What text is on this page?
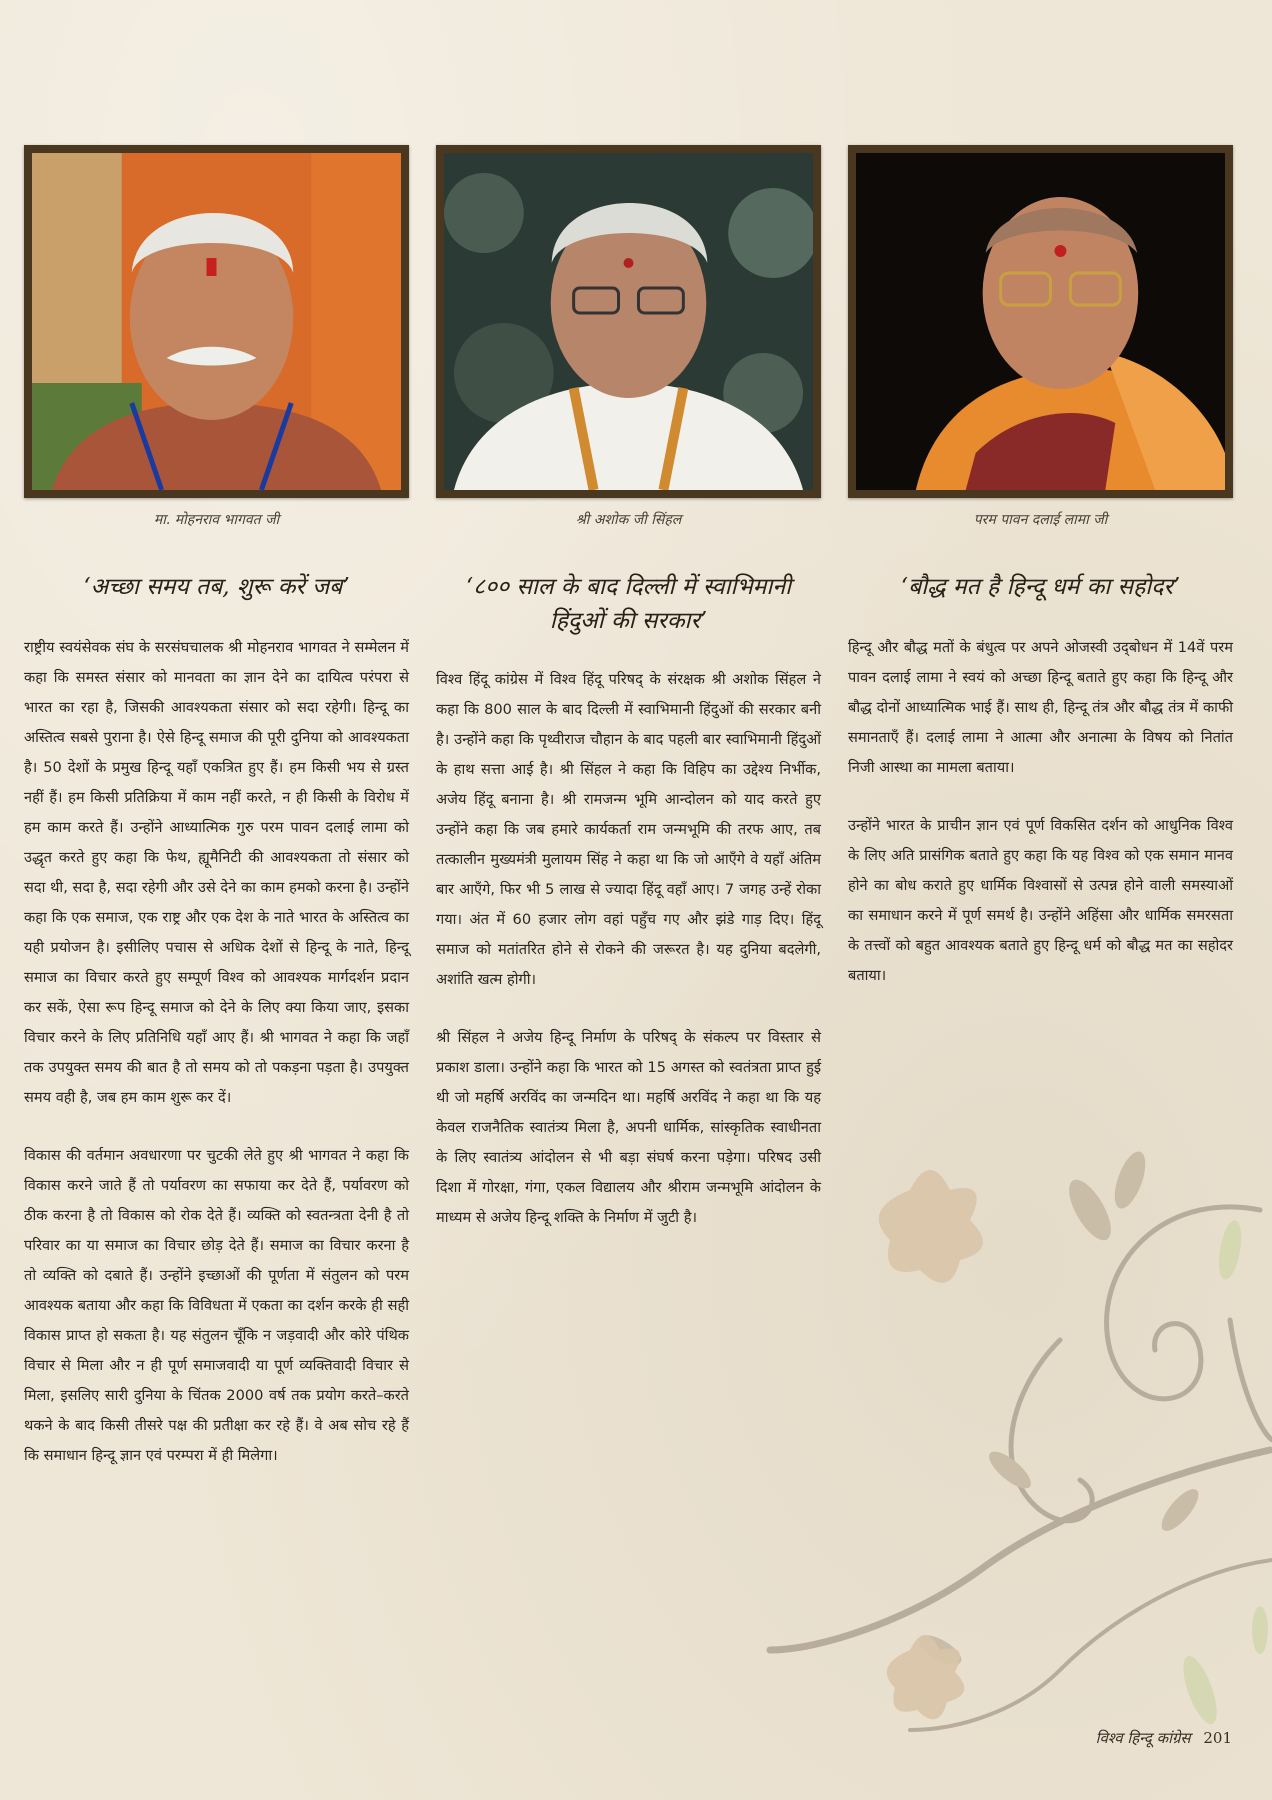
मा. मोहनराव भागवत जी	श्री अशोक जी सिंहल	परम पावन दलाई लामा जी
‘अच्छा समय तब, शुरू करें जब’	‘८०० साल के बाद दिल्ली में स्वाभिमानी हिंदुओं की सरकार’
‘बौद्ध मत है हिन्दू धर्म का सहोदर’

राष्ट्रीय स्वयंसेवक संघ के सरसंघचालक श्री मोहनराव भागवत ने सम्मेलन में कहा कि समस्त संसार को मानवता का ज्ञान देने का दायित्व परंपरा से भारत का रहा है, जिसकी आवश्यकता संसार को सदा रहेगी। हिन्दू का अस्तित्व सबसे पुराना है। ऐसे हिन्दू समाज की पूरी दुनिया को आवश्यकता है। 50 देशों के प्रमुख हिन्दू यहाँ एकत्रित हुए हैं। हम किसी भय से ग्रस्त नहीं हैं। हम किसी प्रतिक्रिया में काम नहीं करते, न ही किसी के विरोध में हम काम करते हैं। उन्होंने आध्यात्मिक गुरु परम पावन दलाई लामा को उद्धृत करते हुए कहा कि फेथ, ह्यूमैनिटी की आवश्यकता तो संसार को सदा थी, सदा है, सदा रहेगी और उसे देने का काम हमको करना है। उन्होंने कहा कि एक समाज, एक राष्ट्र और एक देश के नाते भारत के अस्तित्व का यही प्रयोजन है। इसीलिए पचास से अधिक देशों से हिन्दू के नाते, हिन्दू समाज का विचार करते हुए सम्पूर्ण विश्व को आवश्यक मार्गदर्शन प्रदान कर सकें, ऐसा रूप हिन्दू समाज को देने के लिए क्या किया जाए, इसका विचार करने के लिए प्रतिनिधि यहाँ आए हैं। श्री भागवत ने कहा कि जहाँ तक उपयुक्त समय की बात है तो समय को तो पकड़ना पड़ता है। उपयुक्त समय वही है, जब हम काम शुरू कर दें।

विकास की वर्तमान अवधारणा पर चुटकी लेते हुए श्री भागवत ने कहा कि विकास करने जाते हैं तो पर्यावरण का सफाया कर देते हैं, पर्यावरण को ठीक करना है तो विकास को रोक देते हैं। व्यक्ति को स्वतन्त्रता देनी है तो परिवार का या समाज का विचार छोड़ देते हैं। समाज का विचार करना है तो व्यक्ति को दबाते हैं। उन्होंने इच्छाओं की पूर्णता में संतुलन को परम आवश्यक बताया और कहा कि विविधता में एकता का दर्शन करके ही सही विकास प्राप्त हो सकता है। यह संतुलन चूँकि न जड़वादी और कोरे पंथिक विचार से मिला और न ही पूर्ण समाजवादी या पूर्ण व्यक्तिवादी विचार से मिला, इसलिए सारी दुनिया के चिंतक 2000 वर्ष तक प्रयोग करते–करते थकने के बाद किसी तीसरे पक्ष की प्रतीक्षा कर रहे हैं। वे अब सोच रहे हैं कि समाधान हिन्दू ज्ञान एवं परम्परा में ही मिलेगा।

विश्व हिंदू कांग्रेस में विश्व हिंदू परिषद् के संरक्षक श्री अशोक सिंहल ने कहा कि 800 साल के बाद दिल्ली में स्वाभिमानी हिंदुओं की सरकार बनी है। उन्होंने कहा कि पृथ्वीराज चौहान के बाद पहली बार स्वाभिमानी हिंदुओं के हाथ सत्ता आई है। श्री सिंहल ने कहा कि विहिप का उद्देश्य निर्भीक, अजेय हिंदू बनाना है। श्री रामजन्म भूमि आन्दोलन को याद करते हुए उन्होंने कहा कि जब हमारे कार्यकर्ता राम जन्मभूमि की तरफ आए, तब तत्कालीन मुख्यमंत्री मुलायम सिंह ने कहा था कि जो आएँगे वे यहाँ अंतिम बार आएँगे, फिर भी 5 लाख से ज्यादा हिंदू वहाँ आए। 7 जगह उन्हें रोका गया। अंत में 60 हजार लोग वहां पहुँच गए और झंडे गाड़ दिए। हिंदू समाज को मतांतरित होने से रोकने की जरूरत है। यह दुनिया बदलेगी, अशांति खत्म होगी।

श्री सिंहल ने अजेय हिन्दू निर्माण के परिषद् के संकल्प पर विस्तार से प्रकाश डाला। उन्होंने कहा कि भारत को 15 अगस्त को स्वतंत्रता प्राप्त हुई थी जो महर्षि अरविंद का जन्मदिन था। महर्षि अरविंद ने कहा था कि यह केवल राजनैतिक स्वातंत्र्य मिला है, अपनी धार्मिक, सांस्कृतिक स्वाधीनता के लिए स्वातंत्र्य आंदोलन से भी बड़ा संघर्ष करना पड़ेगा। परिषद उसी दिशा में गोरक्षा, गंगा, एकल विद्यालय और श्रीराम जन्मभूमि आंदोलन के माध्यम से अजेय हिन्दू शक्ति के निर्माण में जुटी है।

हिन्दू और बौद्ध मतों के बंधुत्व पर अपने ओजस्वी उद्‌बोधन में 14वें परम पावन दलाई लामा ने स्वयं को अच्छा हिन्दू बताते हुए कहा कि हिन्दू और बौद्ध दोनों आध्यात्मिक भाई हैं। साथ ही, हिन्दू तंत्र और बौद्ध तंत्र में काफी समानताएँ हैं। दलाई लामा ने आत्मा और अनात्मा के विषय को नितांत निजी आस्था का मामला बताया।

उन्होंने भारत के प्राचीन ज्ञान एवं पूर्ण विकसित दर्शन को आधुनिक विश्व के लिए अति प्रासंगिक बताते हुए कहा कि यह विश्व को एक समान मानव होने का बोध कराते हुए धार्मिक विश्वासों से उत्पन्न होने वाली समस्याओं का समाधान करने में पूर्ण समर्थ है। उन्होंने अहिंसा और धार्मिक समरसता के तत्त्वों को बहुत आवश्यक बताते हुए हिन्दू धर्म को बौद्ध मत का सहोदर बताया।

विश्व हिन्दू कांग्रेस 201
